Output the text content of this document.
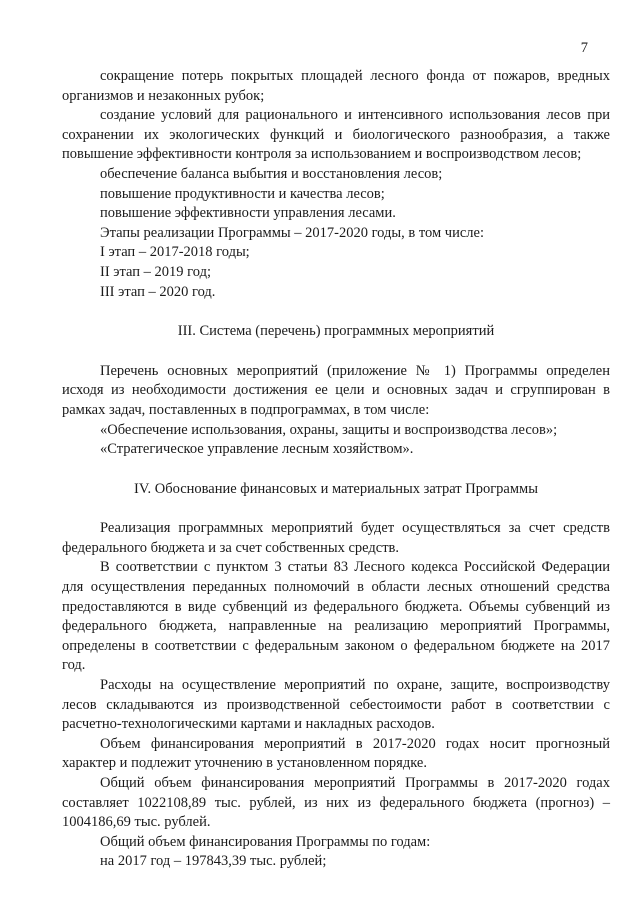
7

сокращение потерь покрытых площадей лесного фонда от пожаров, вредных организмов и незаконных рубок;

создание условий для рационального и интенсивного использования лесов при сохранении их экологических функций и биологического разнообразия, а также повышение эффективности контроля за использованием и воспроизводством лесов;

обеспечение баланса выбытия и восстановления лесов;

повышение продуктивности и качества лесов;

повышение эффективности управления лесами.

Этапы реализации Программы – 2017-2020 годы, в том числе:

I этап – 2017-2018 годы;

II этап – 2019 год;

III этап – 2020 год.

III. Система (перечень) программных мероприятий

Перечень основных мероприятий (приложение № 1) Программы определен исходя из необходимости достижения ее цели и основных задач и сгруппирован в рамках задач, поставленных в подпрограммах, в том числе:

«Обеспечение использования, охраны, защиты и воспроизводства лесов»;

«Стратегическое управление лесным хозяйством».

IV. Обоснование финансовых и материальных затрат Программы

Реализация программных мероприятий будет осуществляться за счет средств федерального бюджета и за счет собственных средств.

В соответствии с пунктом 3 статьи 83 Лесного кодекса Российской Федерации для осуществления переданных полномочий в области лесных отношений средства предоставляются в виде субвенций из федерального бюджета. Объемы субвенций из федерального бюджета, направленные на реализацию мероприятий Программы, определены в соответствии с федеральным законом о федеральном бюджете на 2017 год.

Расходы на осуществление мероприятий по охране, защите, воспроизводству лесов складываются из производственной себестоимости работ в соответствии с расчетно-технологическими картами и накладных расходов.

Объем финансирования мероприятий в 2017-2020 годах носит прогнозный характер и подлежит уточнению в установленном порядке.

Общий объем финансирования мероприятий Программы в 2017-2020 годах составляет 1022108,89 тыс. рублей, из них из федерального бюджета (прогноз) – 1004186,69 тыс. рублей.

Общий объем финансирования Программы по годам:

на 2017 год – 197843,39 тыс. рублей;
